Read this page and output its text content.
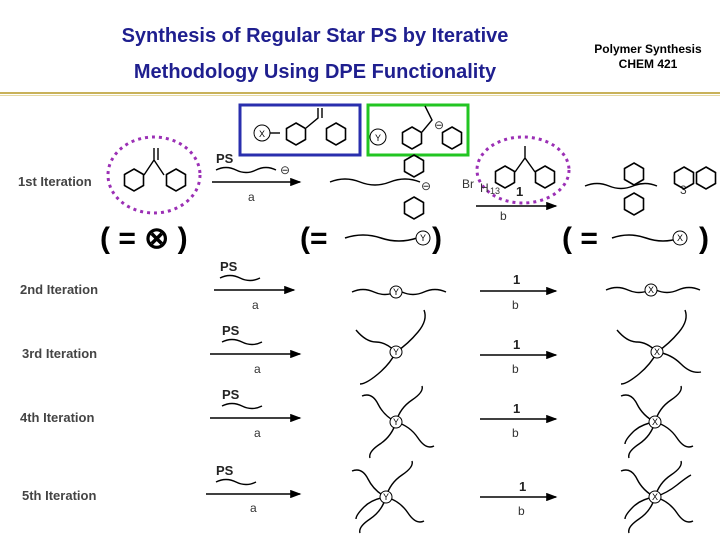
Synthesis of Regular Star PS by Iterative
Methodology Using DPE Functionality
Polymer Synthesis
CHEM 421
X	Y
⊖
PS
⊖
a
⊖	Br H 13 1
b
3
( = ⊗ )	(=	Y )	( =	X )
1st Iteration
2nd Iteration
3rd Iteration
4th Iteration
5th Iteration
PS
a
Y
1
b
X
PS
a
Y	1
b
X
PS
a
Y
1
b
X
PS
a
Y
1
b
X
